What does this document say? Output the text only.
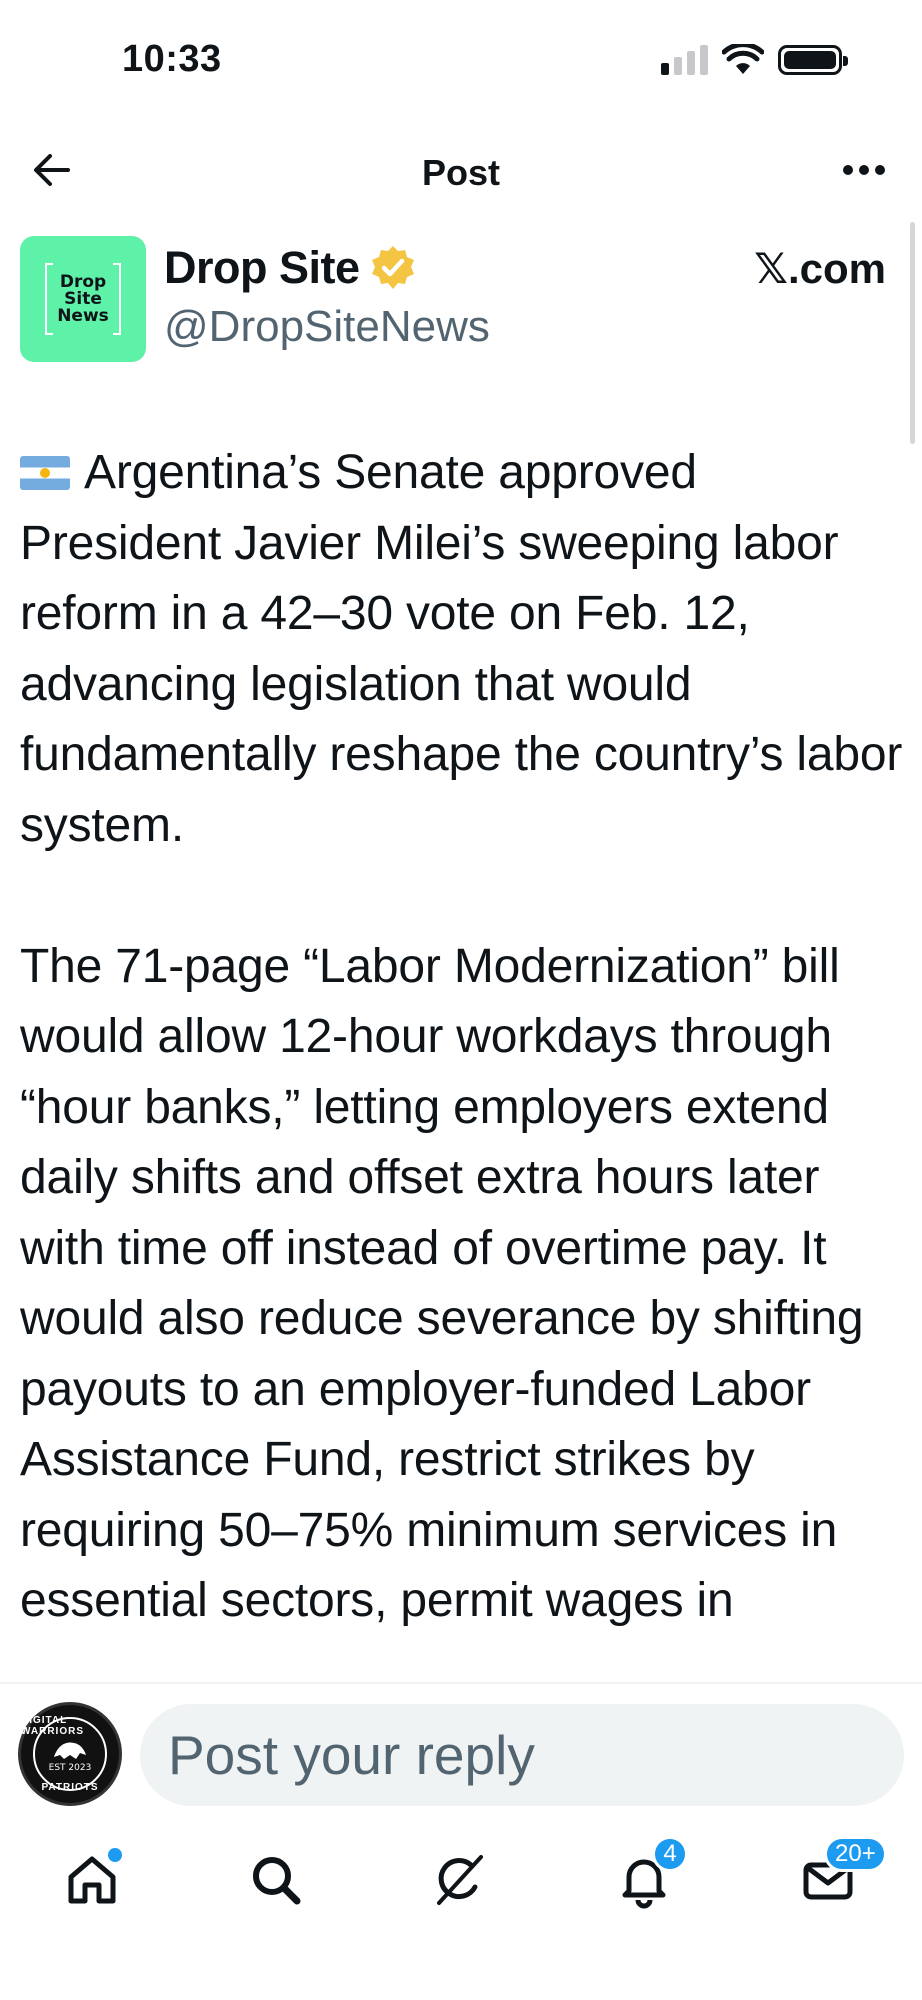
10:33
Post
Drop
Site
News
Drop Site
@DropSiteNews
𝕏.com

Argentina’s Senate approved President Javier Milei’s sweeping labor reform in a 42–30 vote on Feb. 12, advancing legislation that would fundamentally reshape the country’s labor system.

The 71-page “Labor Modernization” bill would allow 12-hour workdays through “hour banks,” letting employers extend daily shifts and offset extra hours later with time off instead of overtime pay. It would also reduce severance by shifting payouts to an employer-funded Labor Assistance Fund, restrict strikes by requiring 50–75% minimum services in essential sectors, permit wages in

DIGITAL WARRIORS
EST 2023
PATRIOTS
Post your reply
4	20+
